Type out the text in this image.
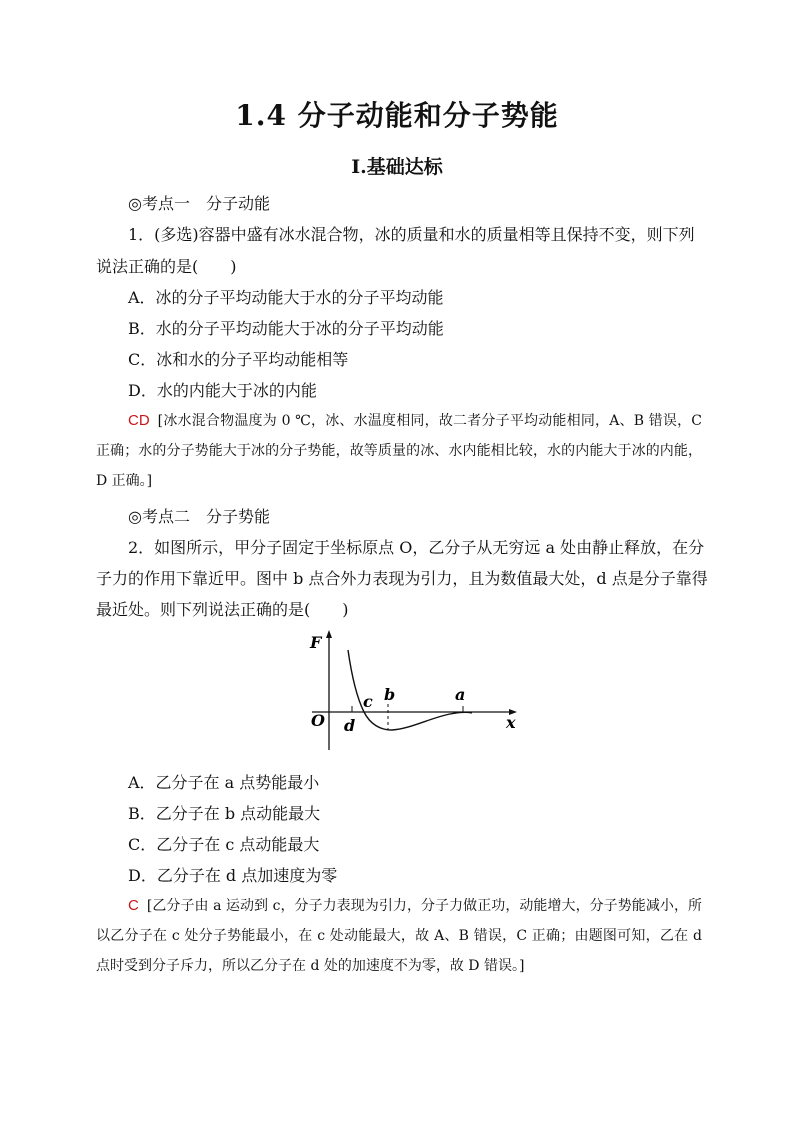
1.4 分子动能和分子势能
Ⅰ.基础达标
◎考点一　分子动能
1．(多选)容器中盛有冰水混合物，冰的质量和水的质量相等且保持不变，则下列
说法正确的是(　　)
A．冰的分子平均动能大于水的分子平均动能
B．水的分子平均动能大于冰的分子平均动能
C．冰和水的分子平均动能相等
D．水的内能大于冰的内能
CD [冰水混合物温度为 0 ℃，冰、水温度相同，故二者分子平均动能相同，A、B 错误，C 正确；水的分子势能大于冰的分子势能，故等质量的冰、水内能相比较，水的内能大于冰的内能，D 正确。]
◎考点二　分子势能
2．如图所示，甲分子固定于坐标原点 O，乙分子从无穷远 a 处由静止释放，在分
子力的作用下靠近甲。图中 b 点合外力表现为引力，且为数值最大处，d 点是分子靠得
最近处。则下列说法正确的是(　　)
F
x
O d
c b	a
A．乙分子在 a 点势能最小
B．乙分子在 b 点动能最大
C．乙分子在 c 点动能最大
D．乙分子在 d 点加速度为零
C [乙分子由 a 运动到 c，分子力表现为引力，分子力做正功，动能增大，分子势能减小，所以乙分子在 c 处分子势能最小，在 c 处动能最大，故 A、B 错误，C 正确；由题图可知，乙在 d 点时受到分子斥力，所以乙分子在 d 处的加速度不为零，故 D 错误。]
